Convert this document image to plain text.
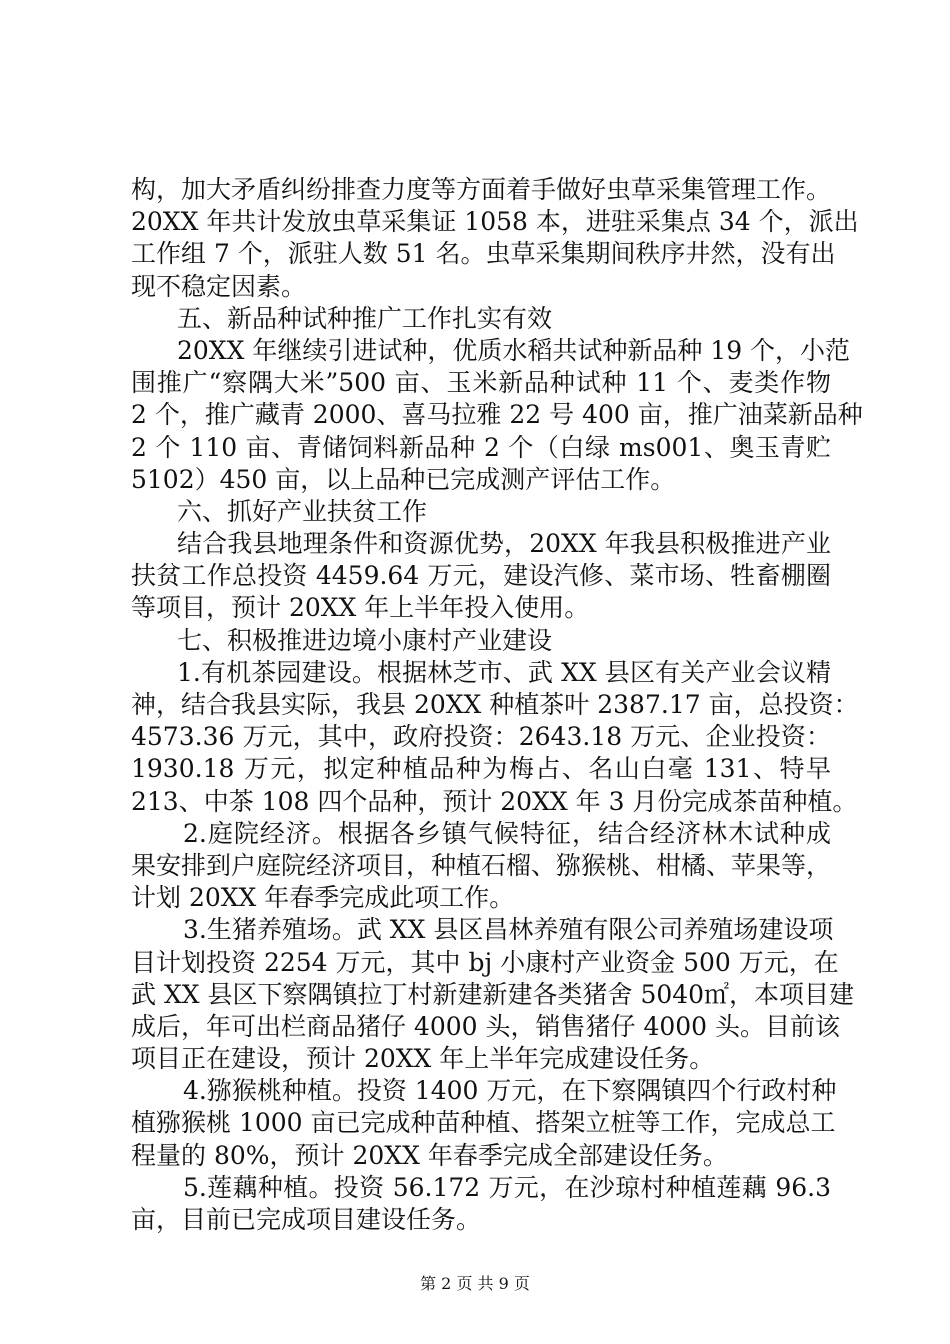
构，加大矛盾纠纷排查力度等方面着手做好虫草采集管理工作。
20XX 年共计发放虫草采集证 1058 本，进驻采集点 34 个，派出
工作组 7 个，派驻人数 51 名。虫草采集期间秩序井然，没有出
现不稳定因素。
五、新品种试种推广工作扎实有效
20XX 年继续引进试种，优质水稻共试种新品种 19 个，小范
围推广“察隅大米”500 亩、玉米新品种试种 11 个、麦类作物
2 个，推广藏青 2000、喜马拉雅 22 号 400 亩，推广油菜新品种
2 个 110 亩、青储饲料新品种 2 个（白绿 ms001、奥玉青贮
5102）450 亩，以上品种已完成测产评估工作。
六、抓好产业扶贫工作
结合我县地理条件和资源优势，20XX 年我县积极推进产业
扶贫工作总投资 4459.64 万元，建设汽修、菜市场、牲畜棚圈
等项目，预计 20XX 年上半年投入使用。
七、积极推进边境小康村产业建设
1.有机茶园建设。根据林芝市、武 XX 县区有关产业会议精
神，结合我县实际，我县 20XX 种植茶叶 2387.17 亩，总投资：
4573.36 万元，其中，政府投资：2643.18 万元、企业投资：
1930.18 万元，拟定种植品种为梅占、名山白毫 131、特早
213、中茶 108 四个品种，预计 20XX 年 3 月份完成茶苗种植。
2.庭院经济。根据各乡镇气候特征，结合经济林木试种成
果安排到户庭院经济项目，种植石榴、猕猴桃、柑橘、苹果等，
计划 20XX 年春季完成此项工作。
3.生猪养殖场。武 XX 县区昌林养殖有限公司养殖场建设项
目计划投资 2254 万元，其中 bj 小康村产业资金 500 万元，在
武 XX 县区下察隅镇拉丁村新建新建各类猪舍 5040㎡，本项目建
成后，年可出栏商品猪仔 4000 头，销售猪仔 4000 头。目前该
项目正在建设，预计 20XX 年上半年完成建设任务。
4.猕猴桃种植。投资 1400 万元，在下察隅镇四个行政村种
植猕猴桃 1000 亩已完成种苗种植、搭架立桩等工作，完成总工
程量的 80%，预计 20XX 年春季完成全部建设任务。
5.莲藕种植。投资 56.172 万元，在沙琼村种植莲藕 96.3
亩，目前已完成项目建设任务。
第 2 页 共 9 页
